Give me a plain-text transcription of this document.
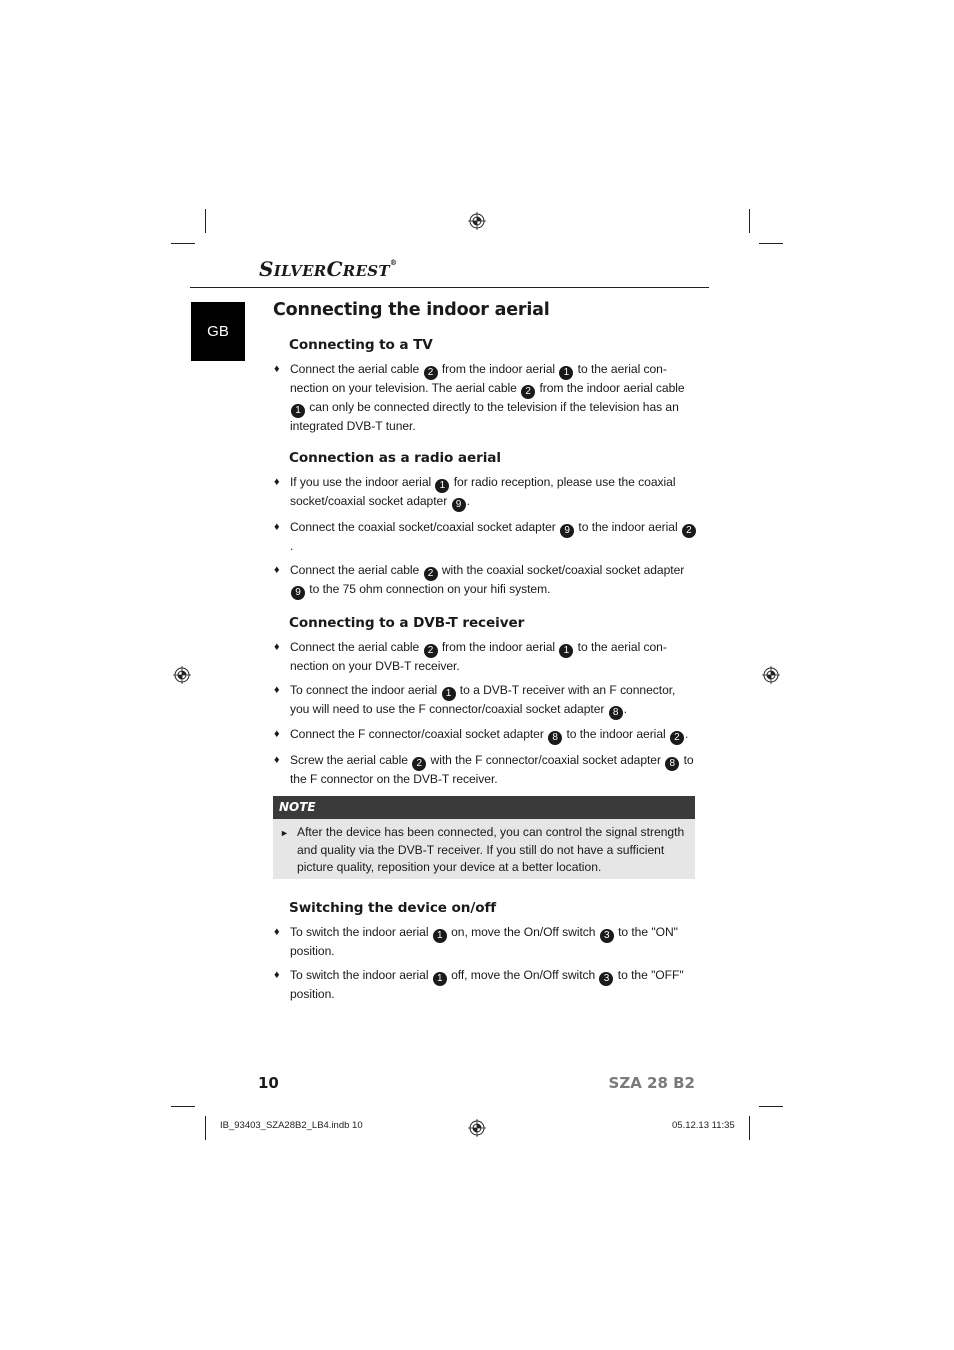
SILVERCREST®
GB
Connecting the indoor aerial
Connecting to a TV
♦ Connect the aerial cable 2 from the indoor aerial 1 to the aerial con-nection on your television. The aerial cable 2 from the indoor aerial cable 1 can only be connected directly to the television if the television has an integrated DVB-T tuner.
Connection as a radio aerial
♦ If you use the indoor aerial 1 for radio reception, please use the coaxial socket/coaxial socket adapter 9 .
♦ Connect the coaxial socket/coaxial socket adapter 9 to the indoor aerial 2.
♦ Connect the aerial cable 2 with the coaxial socket/coaxial socket adapter 9 to the 75 ohm connection on your hifi system.
Connecting to a DVB-T receiver
♦ Connect the aerial cable 2 from the indoor aerial 1 to the aerial con-nection on your DVB-T receiver.
♦ To connect the indoor aerial 1 to a DVB-T receiver with an F connector, you will need to use the F connector/coaxial socket adapter 8 .
♦ Connect the F connector/coaxial socket adapter 8 to the indoor aerial 2 .
♦ Screw the aerial cable 2 with the F connector/coaxial socket adapter 8 to the F connector on the DVB-T receiver.
NOTE
► After the device has been connected, you can control the signal strength and quality via the DVB-T receiver. If you still do not have a sufficient picture quality, reposition your device at a better location.
Switching the device on/off
♦ To switch the indoor aerial 1 on, move the On/Off switch 3 to the "ON" position.
♦ To switch the indoor aerial 1 off, move the On/Off switch 3 to the "OFF" position.
10	SZA 28 B2
IB_93403_SZA28B2_LB4.indb 10	05.12.13 11:35
